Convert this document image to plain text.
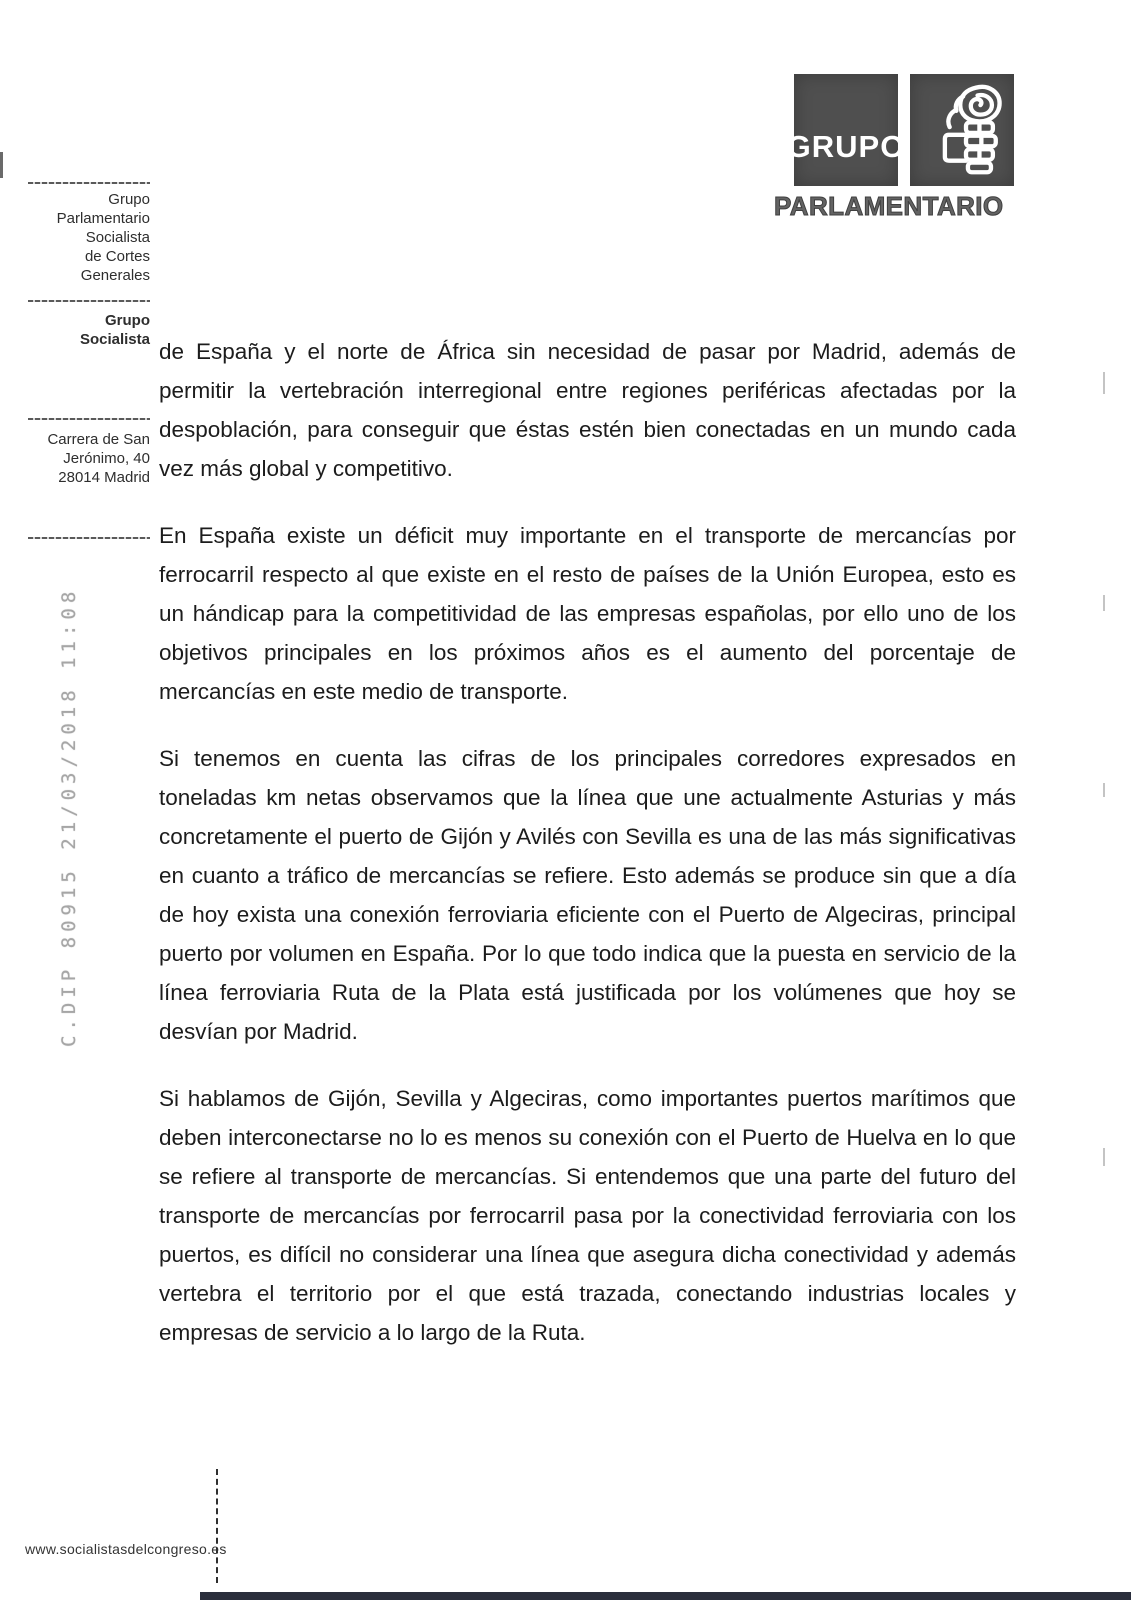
Grupo
Parlamentario
Socialista
de Cortes
Generales
Grupo
Socialista
Carrera de San
Jerónimo, 40
28014 Madrid
C.DIP 80915 21/03/2018 11:08
GRUPO
PARLAMENTARIO

de España y el norte de África sin necesidad de pasar por Madrid, además de permitir la vertebración interregional entre regiones periféricas afectadas por la despoblación, para conseguir que éstas estén bien conectadas en un mundo cada vez más global y competitivo.

En España existe un déficit muy importante en el transporte de mercancías por ferrocarril respecto al que existe en el resto de países de la Unión Europea, esto es un hándicap para la competitividad de las empresas españolas, por ello uno de los objetivos principales en los próximos años es el aumento del porcentaje de mercancías en este medio de transporte.

Si tenemos en cuenta las cifras de los principales corredores expresados en toneladas km netas observamos que la línea que une actualmente Asturias y más concretamente el puerto de Gijón y Avilés con Sevilla es una de las más significativas en cuanto a tráfico de mercancías se refiere. Esto además se produce sin que a día de hoy exista una conexión ferroviaria eficiente con el Puerto de Algeciras, principal puerto por volumen en España. Por lo que todo indica que la puesta en servicio de la línea ferroviaria Ruta de la Plata está justificada por los volúmenes que hoy se desvían por Madrid.

Si hablamos de Gijón, Sevilla y Algeciras, como importantes puertos marítimos que deben interconectarse no lo es menos su conexión con el Puerto de Huelva en lo que se refiere al transporte de mercancías. Si entendemos que una parte del futuro del transporte de mercancías por ferrocarril pasa por la conectividad ferroviaria con los puertos, es difícil no considerar una línea que asegura dicha conectividad y además vertebra el territorio por el que está trazada, conectando industrias locales y empresas de servicio a lo largo de la Ruta.

www.socialistasdelcongreso.es
